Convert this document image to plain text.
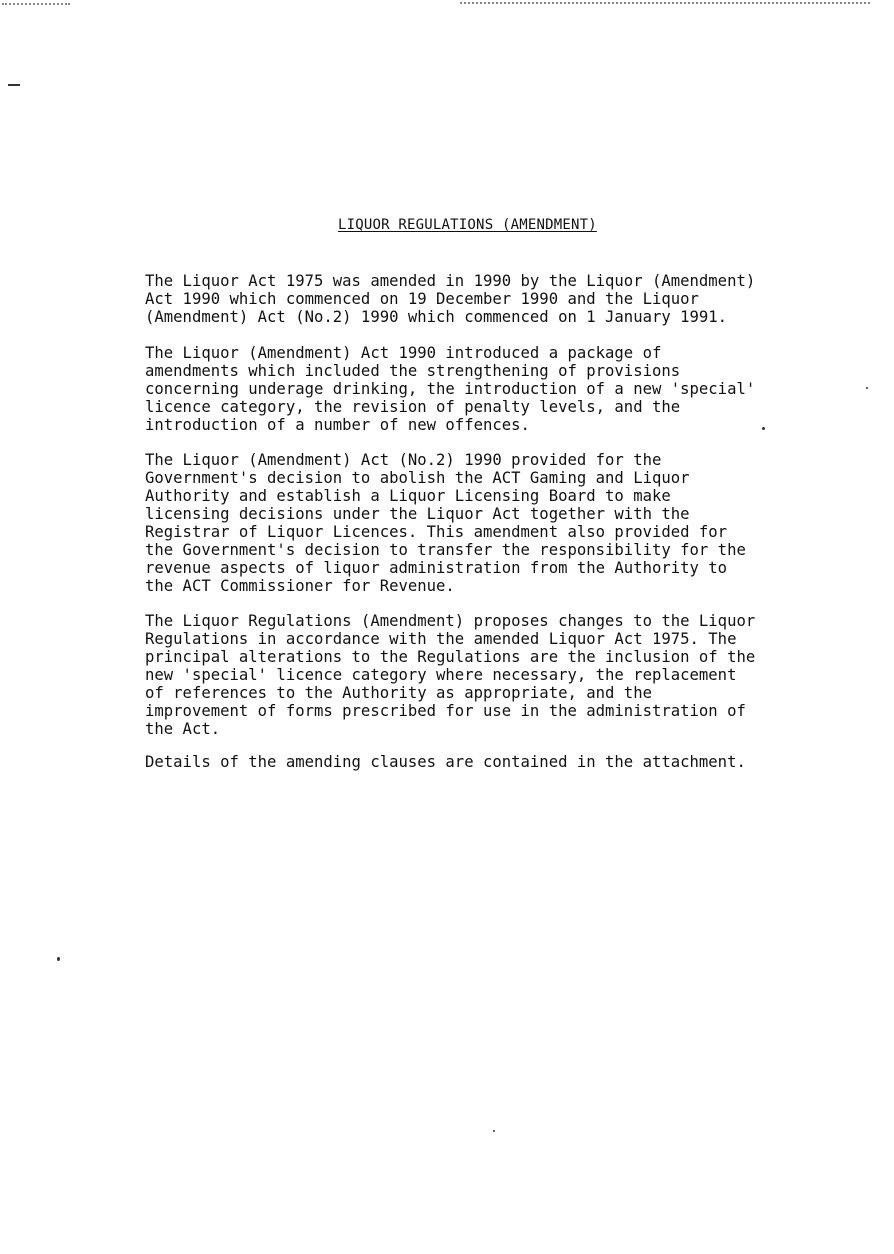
LIQUOR REGULATIONS (AMENDMENT)
The Liquor Act 1975 was amended in 1990 by the Liquor (Amendment)
Act 1990 which commenced on 19 December 1990 and the Liquor
(Amendment) Act (No.2) 1990 which commenced on 1 January 1991.
The Liquor (Amendment) Act 1990 introduced a package of
amendments which included the strengthening of provisions
concerning underage drinking, the introduction of a new 'special'
licence category, the revision of penalty levels, and the
introduction of a number of new offences.
The Liquor (Amendment) Act (No.2) 1990 provided for the
Government's decision to abolish the ACT Gaming and Liquor
Authority and establish a Liquor Licensing Board to make
licensing decisions under the Liquor Act together with the
Registrar of Liquor Licences. This amendment also provided for
the Government's decision to transfer the responsibility for the
revenue aspects of liquor administration from the Authority to
the ACT Commissioner for Revenue.
The Liquor Regulations (Amendment) proposes changes to the Liquor
Regulations in accordance with the amended Liquor Act 1975. The
principal alterations to the Regulations are the inclusion of the
new 'special' licence category where necessary, the replacement
of references to the Authority as appropriate, and the
improvement of forms prescribed for use in the administration of
the Act.
Details of the amending clauses are contained in the attachment.
